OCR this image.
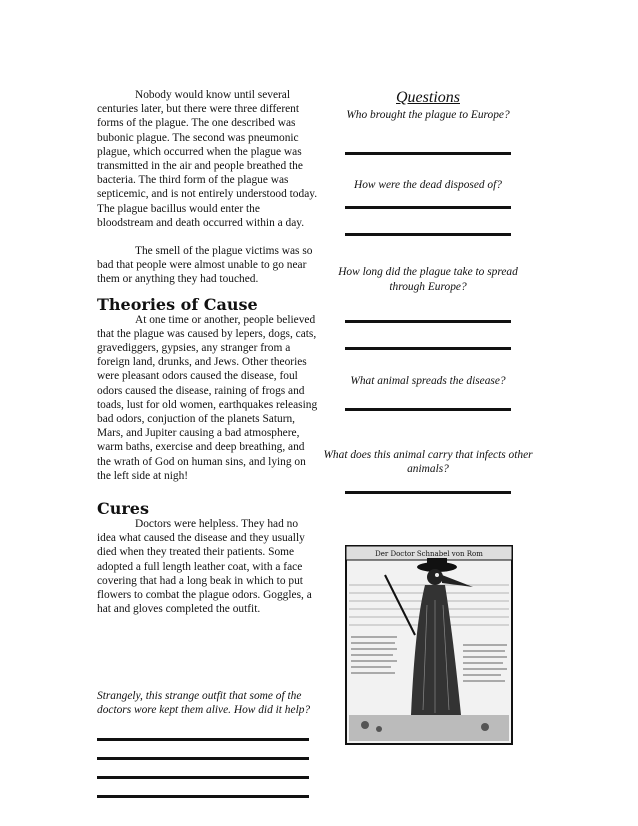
Nobody would know until several centuries later, but there were three different forms of the plague. The one described was bubonic plague. The second was pneumonic plague, which occurred when the plague was transmitted in the air and people breathed the bacteria. The third form of the plague was septicemic, and is not entirely understood today. The plague bacillus would enter the bloodstream and death occurred within a day.

The smell of the plague victims was so bad that people were almost unable to go near them or anything they had touched.

Theories of Cause

At one time or another, people believed that the plague was caused by lepers, dogs, cats, gravediggers, gypsies, any stranger from a foreign land, drunks, and Jews. Other theories were pleasant odors caused the disease, foul odors caused the disease, raining of frogs and toads, lust for old women, earthquakes releasing bad odors, conjuction of the planets Saturn, Mars, and Jupiter causing a bad atmosphere, warm baths, exercise and deep breathing, and the wrath of God on human sins, and lying on the left side at nigh!

Cures

Doctors were helpless. They had no idea what caused the disease and they usually died when they treated their patients. Some adopted a full length leather coat, with a face covering that had a long beak in which to put flowers to combat the plague odors. Goggles, a hat and gloves completed the outfit.

Strangely, this strange outfit that some of the doctors wore kept them alive. How did it help?

Questions

Who brought the plague to Europe?

How were the dead disposed of?

How long did the plague take to spread through Europe?

What animal spreads the disease?

What does this animal carry that infects other animals?

Der Doctor Schnabel von Rom
